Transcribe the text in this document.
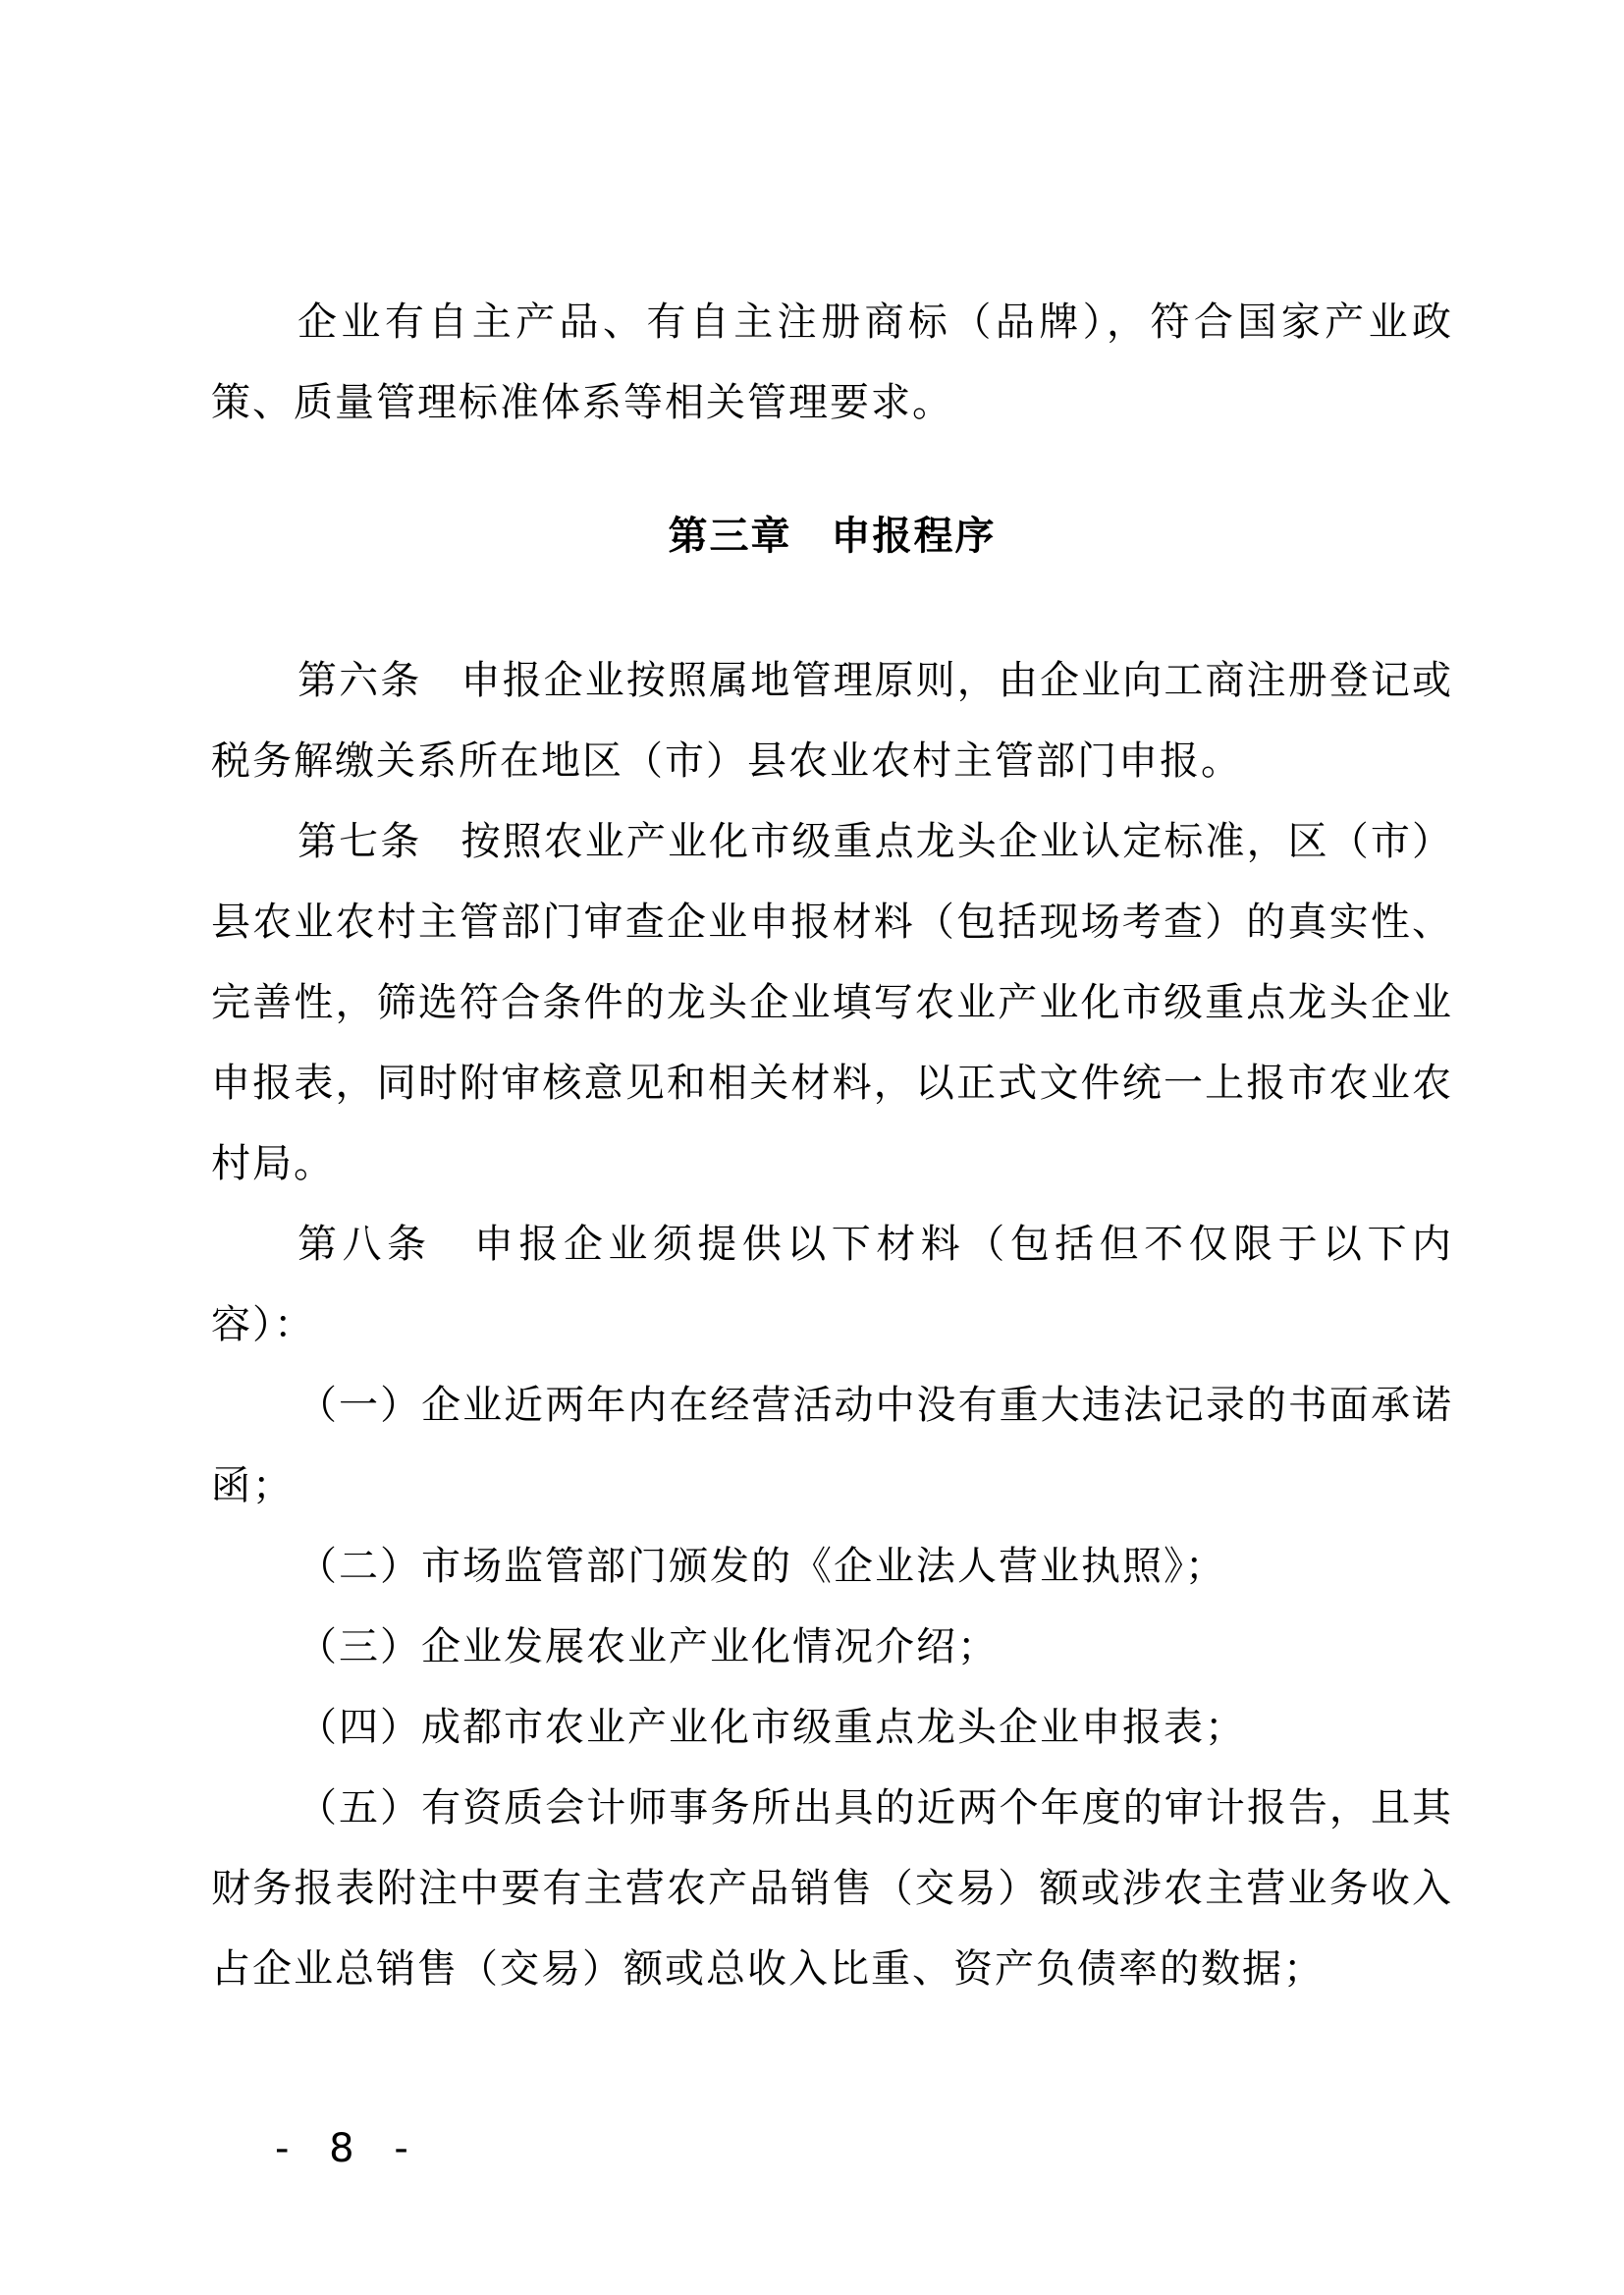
企业有自主产品、有自主注册商标（品牌），符合国家产业政策、质量管理标准体系等相关管理要求。

第三章 申报程序

第六条 申报企业按照属地管理原则，由企业向工商注册登记或税务解缴关系所在地区（市）县农业农村主管部门申报。

第七条 按照农业产业化市级重点龙头企业认定标准，区（市）县农业农村主管部门审查企业申报材料（包括现场考查）的真实性、完善性，筛选符合条件的龙头企业填写农业产业化市级重点龙头企业申报表，同时附审核意见和相关材料，以正式文件统一上报市农业农村局。

第八条 申报企业须提供以下材料（包括但不仅限于以下内容）：

（一）企业近两年内在经营活动中没有重大违法记录的书面承诺函；

（二）市场监管部门颁发的《企业法人营业执照》；

（三）企业发展农业产业化情况介绍；

（四）成都市农业产业化市级重点龙头企业申报表；

（五）有资质会计师事务所出具的近两个年度的审计报告，且其财务报表附注中要有主营农产品销售（交易）额或涉农主营业务收入占企业总销售（交易）额或总收入比重、资产负债率的数据；

- 8 -
